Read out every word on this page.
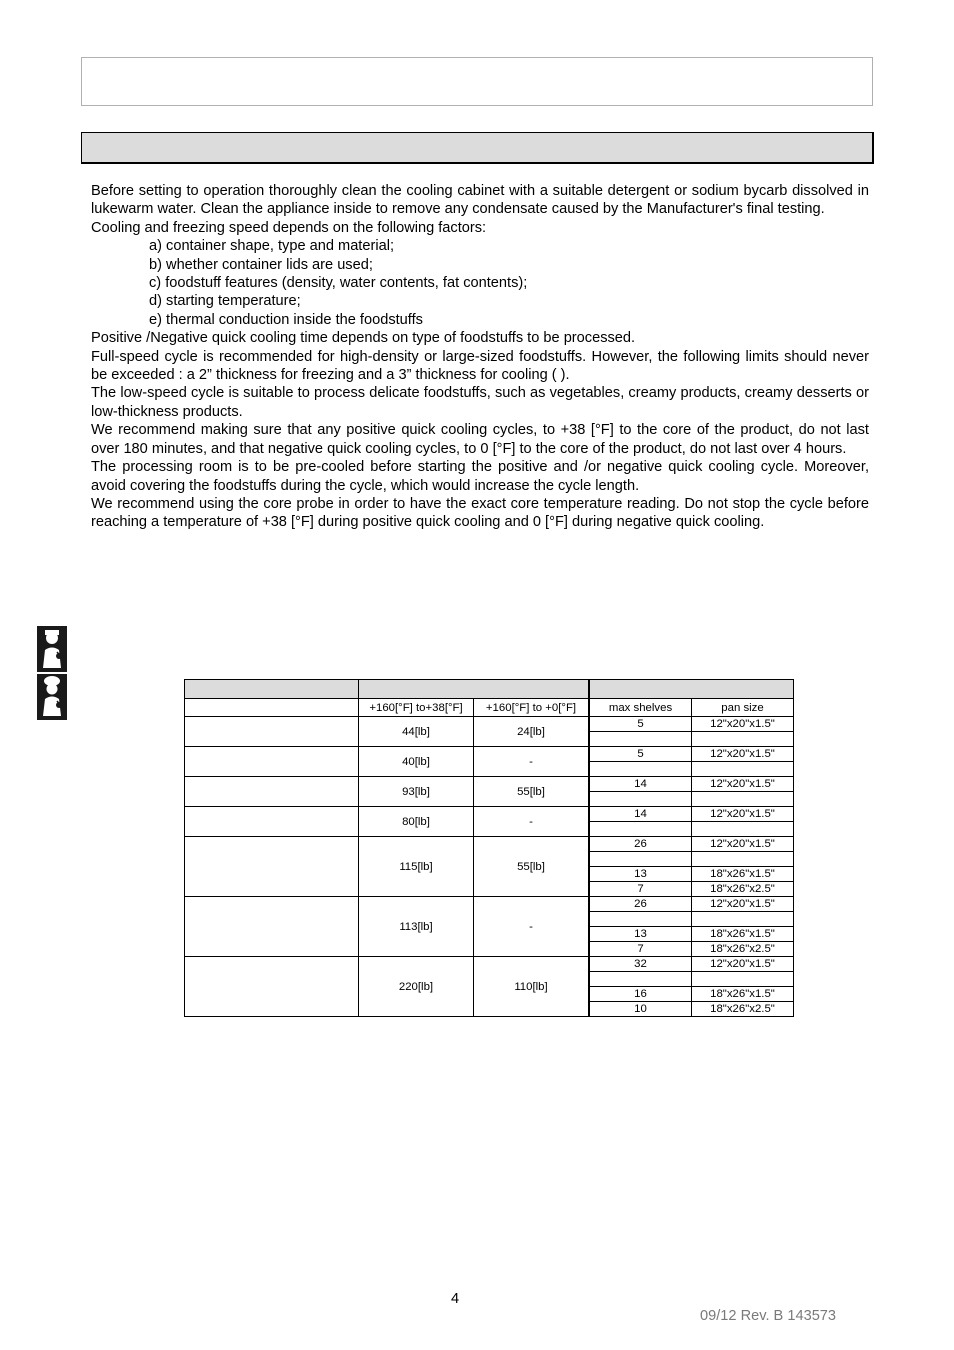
Before setting to operation thoroughly clean the cooling cabinet with a suitable detergent or sodium bycarb dissolved in lukewarm water. Clean the appliance inside to remove any condensate caused by the Manufacturer's final testing.

Cooling and freezing speed depends on the following factors:

a) container shape, type and material;

b) whether container lids are used;

c) foodstuff features (density, water contents, fat contents);

d) starting temperature;

e) thermal conduction inside the foodstuffs

Positive /Negative quick cooling time depends on type of foodstuffs to be processed.

Full-speed cycle is recommended for high-density or large-sized foodstuffs. However, the following limits should never be exceeded : a 2” thickness for freezing and a 3” thickness for cooling ( ).

The low-speed cycle is suitable to process delicate foodstuffs, such as vegetables, creamy products, creamy desserts or low-thickness products.

We recommend making sure that any positive quick cooling cycles, to +38 [°F] to the core of the product, do not last over 180 minutes, and that negative quick cooling cycles, to 0 [°F] to the core of the product, do not last over 4 hours.

The processing room is to be pre-cooled before starting the positive and /or negative quick cooling cycle. Moreover, avoid covering the foodstuffs during the cycle, which would increase the cycle length.

We recommend using the core probe in order to have the exact core temperature reading. Do not stop the cycle before reaching a temperature of +38 [°F] during positive quick cooling and 0 [°F] during negative quick cooling.

	+160[°F] to+38[°F]	+160[°F] to +0[°F]	max shelves	pan size
	44[lb]	24[lb]	5	12"x20"x1.5"

	40[lb]	-	5	12"x20"x1.5"

	93[lb]	55[lb]	14	12"x20"x1.5"

	80[lb]	-	14	12"x20"x1.5"

	115[lb]	55[lb]	26	12"x20"x1.5"

			13	18"x26"x1.5"
			7	18"x26"x2.5"
	113[lb]	-	26	12"x20"x1.5"

			13	18"x26"x1.5"
			7	18"x26"x2.5"
	220[lb]	110[lb]	32	12"x20"x1.5"

			16	18"x26"x1.5"
			10	18"x26"x2.5"
4
09/12 Rev. B 143573
